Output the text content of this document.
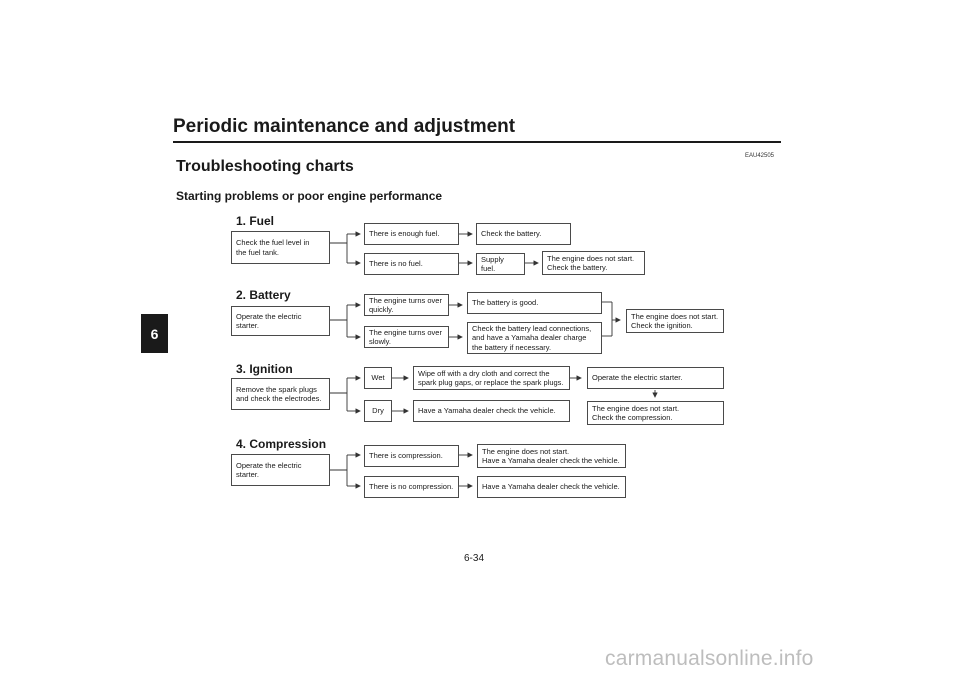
Periodic maintenance and adjustment
6
EAU42505
Troubleshooting charts
Starting problems or poor engine performance
1. Fuel
Check the fuel level in
the fuel tank.
There is enough fuel.	Check the battery.
There is no fuel.
Supply fuel.
The engine does not start.
Check the battery.
2. Battery
Operate the electric starter.
The engine turns over
quickly.
The battery is good.
The engine turns over
slowly.
Check the battery lead connections,
and have a Yamaha dealer charge
the battery if necessary.
The engine does not start.
Check the ignition.
3. Ignition
Remove the spark plugs
and check the electrodes.
Wet
Wipe off with a dry cloth and correct the
spark plug gaps, or replace the spark plugs.
Operate the electric starter.
Dry	Have a Yamaha dealer check the vehicle.	The engine does not start.
Check the compression.
4. Compression
Operate the electric starter.
There is compression.
The engine does not start.
Have a Yamaha dealer check the vehicle.
There is no compression.	Have a Yamaha dealer check the vehicle.
6-34
carmanualsonline.info
